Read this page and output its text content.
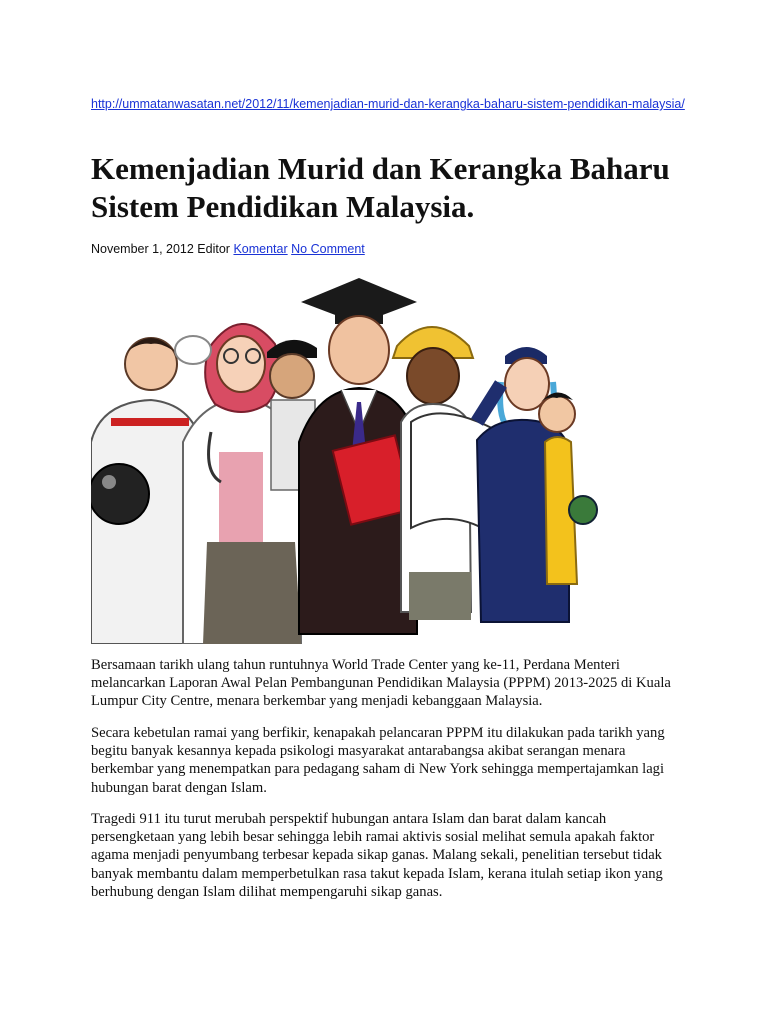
http://ummatanwasatan.net/2012/11/kemenjadian-murid-dan-kerangka-baharu-sistem-pendidikan-malaysia/
Kemenjadian Murid dan Kerangka Baharu Sistem Pendidikan Malaysia.
November 1, 2012 Editor Komentar No Comment

Bersamaan tarikh ulang tahun runtuhnya World Trade Center yang ke-11, Perdana Menteri melancarkan Laporan Awal Pelan Pembangunan Pendidikan Malaysia (PPPM) 2013-2025 di Kuala Lumpur City Centre, menara berkembar yang menjadi kebanggaan Malaysia.

Secara kebetulan ramai yang berfikir, kenapakah pelancaran PPPM itu dilakukan pada tarikh yang begitu banyak kesannya kepada psikologi masyarakat antarabangsa akibat serangan menara berkembar yang menempatkan para pedagang saham di New York sehingga mempertajamkan lagi hubungan barat dengan Islam.

Tragedi 911 itu turut merubah perspektif hubungan antara Islam dan barat dalam kancah persengketaan yang lebih besar sehingga lebih ramai aktivis sosial melihat semula apakah faktor agama menjadi penyumbang terbesar kepada sikap ganas. Malang sekali, penelitian tersebut tidak banyak membantu dalam memperbetulkan rasa takut kepada Islam, kerana itulah setiap ikon yang berhubung dengan Islam dilihat mempengaruhi sikap ganas.
